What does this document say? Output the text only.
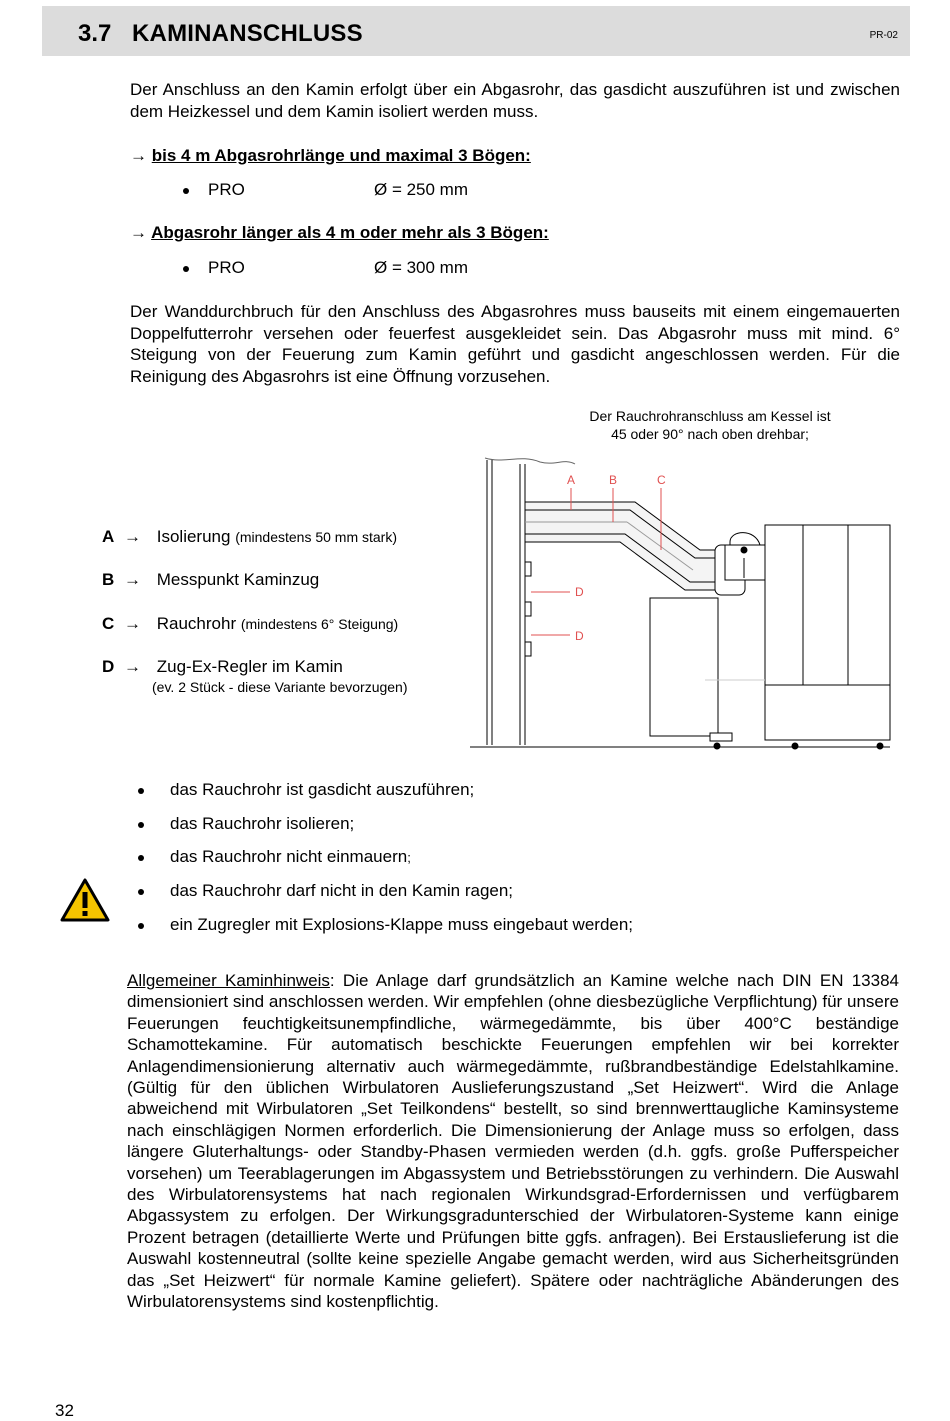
3.7 KAMINANSCHLUSS	PR-02
Der Anschluss an den Kamin erfolgt über ein Abgasrohr, das gasdicht auszuführen ist und zwischen dem Heizkessel und dem Kamin isoliert werden muss.
→ bis 4 m Abgasrohrlänge und maximal 3 Bögen:
PRO	Ø = 250 mm
→ Abgasrohr länger als 4 m oder mehr als 3 Bögen:
PRO	Ø = 300 mm
Der Wanddurchbruch für den Anschluss des Abgasrohres muss bauseits mit einem eingemauerten Doppelfutterrohr versehen oder feuerfest ausgekleidet sein. Das Abgasrohr muss mit mind. 6° Steigung von der Feuerung zum Kamin geführt und gasdicht angeschlossen werden. Für die Reinigung des Abgasrohrs ist eine Öffnung vorzusehen.
Der Rauchrohranschluss am Kessel ist
45 oder 90° nach oben drehbar;
A	B	C
D
D
A → Isolierung (mindestens 50 mm stark)
B → Messpunkt Kaminzug
C → Rauchrohr (mindestens 6° Steigung)
D → Zug-Ex-Regler im Kamin
(ev. 2 Stück - diese Variante bevorzugen)
das Rauchrohr ist gasdicht auszuführen;
das Rauchrohr isolieren;
das Rauchrohr nicht einmauern;
das Rauchrohr darf nicht in den Kamin ragen;
ein Zugregler mit Explosions-Klappe muss eingebaut werden;
Allgemeiner Kaminhinweis: Die Anlage darf grundsätzlich an Kamine welche nach DIN EN 13384 dimensioniert sind anschlossen werden. Wir empfehlen (ohne diesbezügliche Verpflichtung) für unsere Feuerungen feuchtigkeitsunempfindliche, wärmegedämmte, bis über 400°C beständige Schamottekamine. Für automatisch beschickte Feuerungen empfehlen wir bei korrekter Anlagendimensionierung alternativ auch wärmegedämmte, rußbrandbeständige Edelstahlkamine. (Gültig für den üblichen Wirbulatoren Auslieferungszustand „Set Heizwert“. Wird die Anlage abweichend mit Wirbulatoren „Set Teilkondens“ bestellt, so sind brennwerttaugliche Kaminsysteme nach einschlägigen Normen erforderlich. Die Dimensionierung der Anlage muss so erfolgen, dass längere Gluterhaltungs- oder Standby-Phasen vermieden werden (d.h. ggfs. große Pufferspeicher vorsehen) um Teerablagerungen im Abgassystem und Betriebsstörungen zu verhindern. Die Auswahl des Wirbulatorensystems hat nach regionalen Wirkundsgrad-Erfordernissen und verfügbarem Abgassystem zu erfolgen. Der Wirkungsgradunterschied der Wirbulatoren-Systeme kann einige Prozent betragen (detaillierte Werte und Prüfungen bitte ggfs. anfragen). Bei Erstauslieferung ist die Auswahl kostenneutral (sollte keine spezielle Angabe gemacht werden, wird aus Sicherheitsgründen das „Set Heizwert“ für normale Kamine geliefert). Spätere oder nachträgliche Abänderungen des Wirbulatorensystems sind kostenpflichtig.
32
